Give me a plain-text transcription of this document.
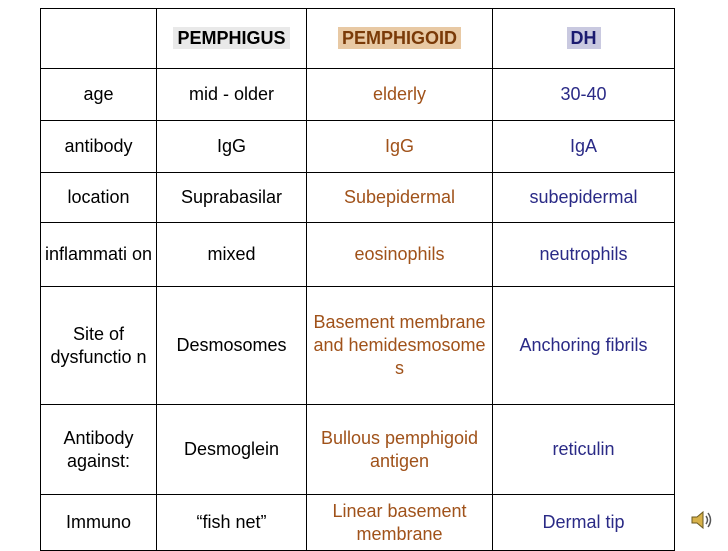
	PEMPHIGUS	PEMPHIGOID	DH
age	mid - older	elderly	30-40
antibody	IgG	IgG	IgA
location	Suprabasilar	Subepidermal	subepidermal
inflammati on	mixed	eosinophils	neutrophils
Site of dysfunctio n	Desmosomes	Basement membrane and hemidesmosome s	Anchoring fibrils
Antibody against:	Desmoglein	Bullous pemphigoid antigen	reticulin
Immuno	“fish net”	Linear basement membrane	Dermal tip
